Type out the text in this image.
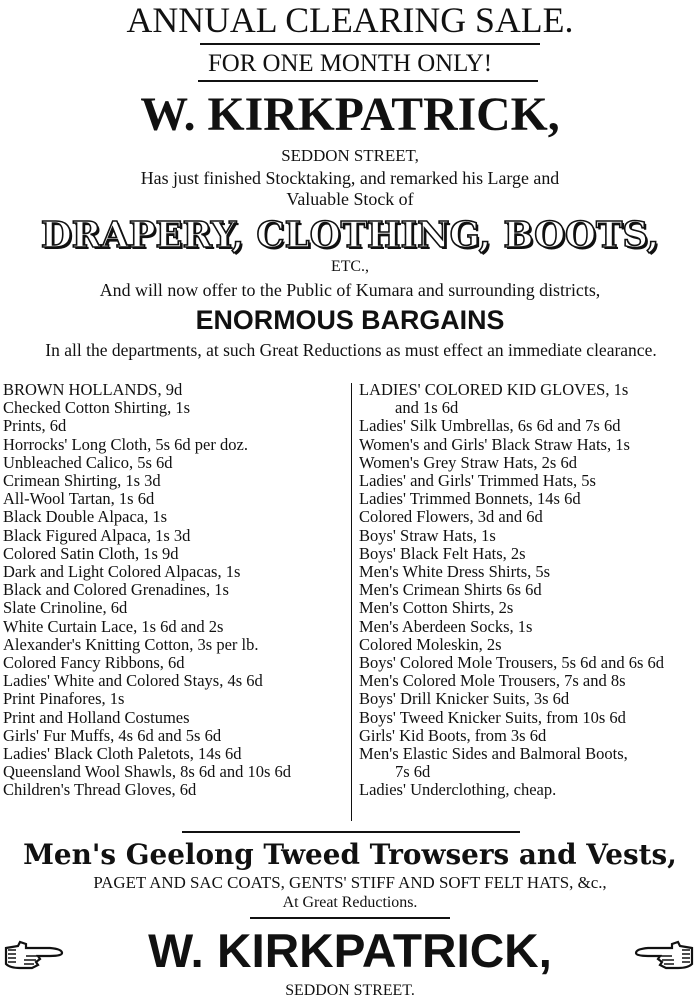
ANNUAL CLEARING SALE.
FOR ONE MONTH ONLY!
W. KIRKPATRICK,
SEDDON STREET,
Has just finished Stocktaking, and remarked his Large and
Valuable Stock of
DRAPERY, CLOTHING, BOOTS,
ETC.,
And will now offer to the Public of Kumara and surrounding districts,
ENORMOUS BARGAINS
In all the departments, at such Great Reductions as must effect an immediate clearance.
BROWN HOLLANDS, 9d
Checked Cotton Shirting, 1s
Prints, 6d
Horrocks' Long Cloth, 5s 6d per doz.
Unbleached Calico, 5s 6d
Crimean Shirting, 1s 3d
All-Wool Tartan, 1s 6d
Black Double Alpaca, 1s
Black Figured Alpaca, 1s 3d
Colored Satin Cloth, 1s 9d
Dark and Light Colored Alpacas, 1s
Black and Colored Grenadines, 1s
Slate Crinoline, 6d
White Curtain Lace, 1s 6d and 2s
Alexander's Knitting Cotton, 3s per lb.
Colored Fancy Ribbons, 6d
Ladies' White and Colored Stays, 4s 6d
Print Pinafores, 1s
Print and Holland Costumes
Girls' Fur Muffs, 4s 6d and 5s 6d
Ladies' Black Cloth Paletots, 14s 6d
Queensland Wool Shawls, 8s 6d and 10s 6d
Children's Thread Gloves, 6d
LADIES' COLORED KID GLOVES, 1s
and 1s 6d
Ladies' Silk Umbrellas, 6s 6d and 7s 6d
Women's and Girls' Black Straw Hats, 1s
Women's Grey Straw Hats, 2s 6d
Ladies' and Girls' Trimmed Hats, 5s
Ladies' Trimmed Bonnets, 14s 6d
Colored Flowers, 3d and 6d
Boys' Straw Hats, 1s
Boys' Black Felt Hats, 2s
Men's White Dress Shirts, 5s
Men's Crimean Shirts 6s 6d
Men's Cotton Shirts, 2s
Men's Aberdeen Socks, 1s
Colored Moleskin, 2s
Boys' Colored Mole Trousers, 5s 6d and 6s 6d
Men's Colored Mole Trousers, 7s and 8s
Boys' Drill Knicker Suits, 3s 6d
Boys' Tweed Knicker Suits, from 10s 6d
Girls' Kid Boots, from 3s 6d
Men's Elastic Sides and Balmoral Boots,
7s 6d
Ladies' Underclothing, cheap.
Men's Geelong Tweed Trowsers and Vests,
PAGET AND SAC COATS, GENTS' STIFF AND SOFT FELT HATS, &c.,
At Great Reductions.
W. KIRKPATRICK,
SEDDON STREET.
